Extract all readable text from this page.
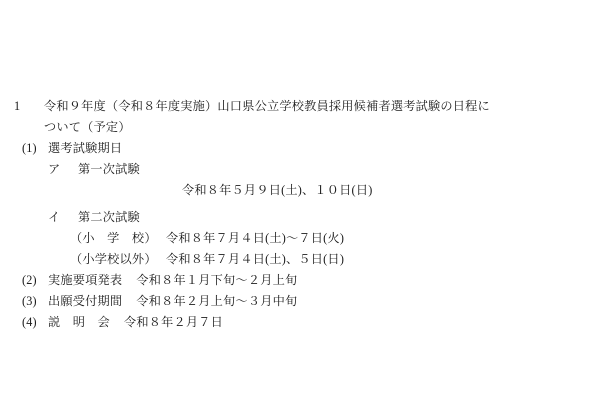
1	令和９年度（令和８年度実施）山口県公立学校教員採用候補者選考試験の日程に
ついて（予定）
(1) 選考試験期日
ア	第一次試験
令和８年５月９日(土)、１０日(日)
イ	第二次試験
（小　学　校） 令和８年７月４日(土)～７日(火)
（小学校以外） 令和８年７月４日(土)、５日(日)
(2) 実施要項発表	令和８年１月下旬～２月上旬
(3) 出願受付期間	令和８年２月上旬～３月中旬
(4) 説　明　会	令和８年２月７日
